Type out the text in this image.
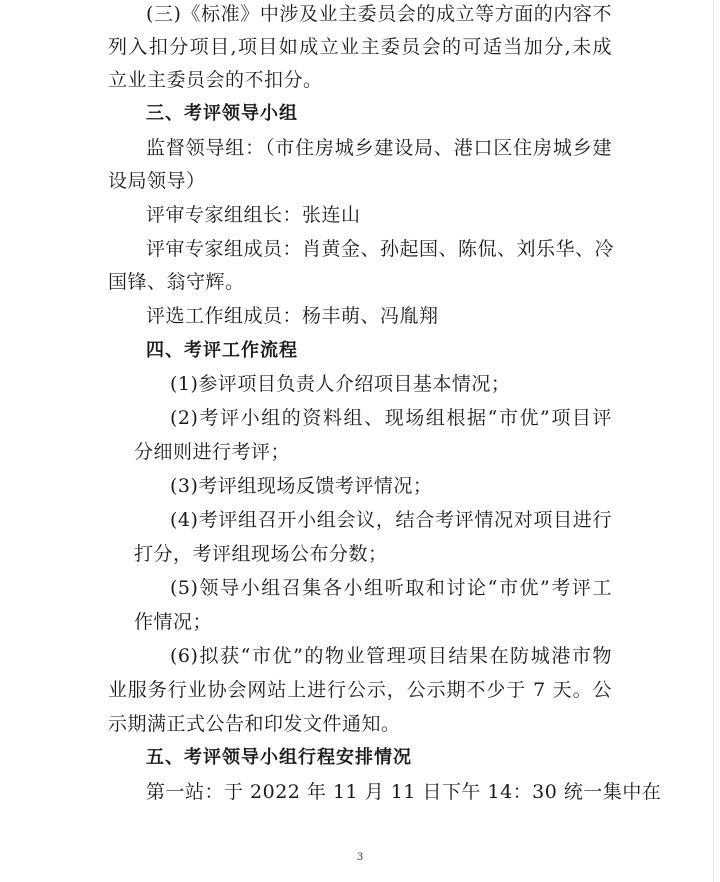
(三)《标准》中涉及业主委员会的成立等方面的内容不
列入扣分项目,项目如成立业主委员会的可适当加分,未成
立业主委员会的不扣分。
三、考评领导小组
监督领导组：（市住房城乡建设局、港口区住房城乡建
设局领导）
评审专家组组长：张连山
评审专家组成员：肖黄金、孙起国、陈侃、刘乐华、冷
国锋、翁守辉。
评选工作组成员：杨丰萌、冯胤翔
四、考评工作流程
(1)参评项目负责人介绍项目基本情况；
(2)考评小组的资料组、现场组根据“市优”项目评
分细则进行考评；
(3)考评组现场反馈考评情况；
(4)考评组召开小组会议，结合考评情况对项目进行
打分，考评组现场公布分数；
(5)领导小组召集各小组听取和讨论“市优”考评工
作情况；
(6)拟获“市优”的物业管理项目结果在防城港市物
业服务行业协会网站上进行公示，公示期不少于 7 天。公
示期满正式公告和印发文件通知。
五、考评领导小组行程安排情况
第一站：于 2022 年 11 月 11 日下午 14：30 统一集中在
3
